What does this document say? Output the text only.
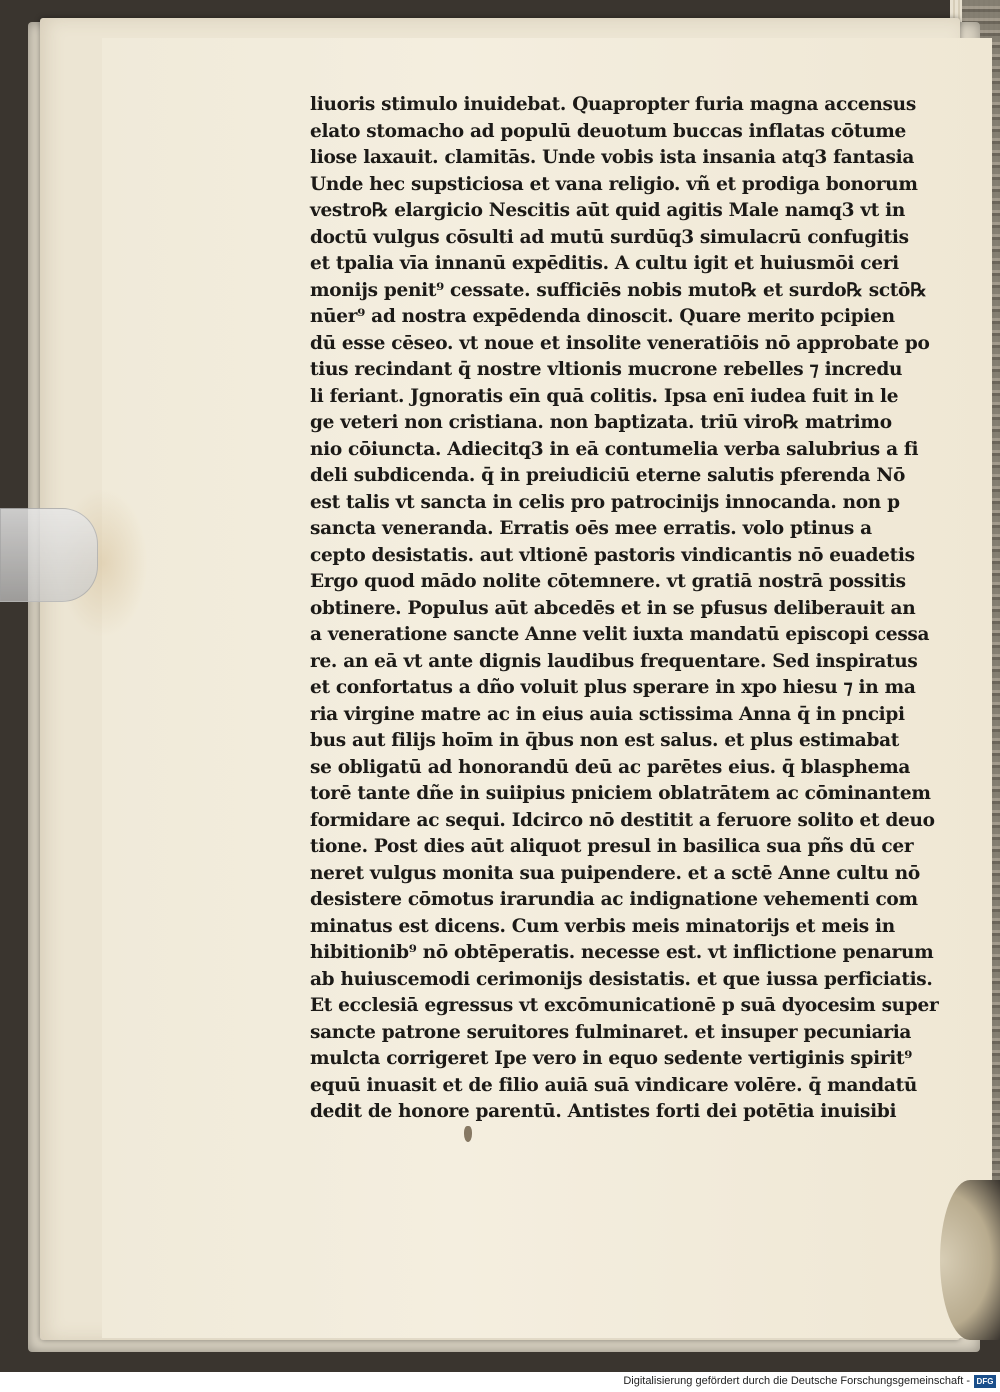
liuoris stimulo inuidebat. Quapropter furia magna accensus
elato stomacho ad populū deuotum buccas inflatas cōtume
liose laxauit. clamitās. Unde vobis ista insania atq3 fantasia
Unde hec supsticiosa et vana religio. vñ et prodiga bonorum
vestro℞ elargicio Nescitis aūt quid agitis Male namq3 vt in
doctū vulgus cōsulti ad mutū surdūq3 simulacrū confugitis
et tpalia vīa innanū expēditis. A cultu igit et huiusmōi ceri
monijs penit⁹ cessate. sufficiēs nobis muto℞ et surdo℞ sctō℞
nūer⁹ ad nostra expēdenda dinoscit. Quare merito pcipien
dū esse cēseo. vt noue et insolite veneratiōis nō approbate po
tius recindant q̄ nostre vltionis mucrone rebelles ⁊ incredu
li feriant. Jgnoratis eīn quā colitis. Ipsa enī iudea fuit in le
ge veteri non cristiana. non baptizata. triū viro℞ matrimo
nio cōiuncta. Adiecitq3 in eā contumelia verba salubrius a fi
deli subdicenda. q̄ in preiudiciū eterne salutis pferenda Nō
est talis vt sancta in celis pro patrocinijs innocanda. non p
sancta veneranda. Erratis oēs mee erratis. volo ptinus a
cepto desistatis. aut vltionē pastoris vindicantis nō euadetis
Ergo quod mādo nolite cōtemnere. vt gratiā nostrā possitis
obtinere. Populus aūt abcedēs et in se pfusus deliberauit an
a veneratione sancte Anne velit iuxta mandatū episcopi cessa
re. an eā vt ante dignis laudibus frequentare. Sed inspiratus
et confortatus a dño voluit plus sperare in xpo hiesu ⁊ in ma
ria virgine matre ac in eius auia sctissima Anna q̄ in pncipi
bus aut filijs hoīm in q̄bus non est salus. et plus estimabat
se obligatū ad honorandū deū ac parētes eius. q̄ blasphema
torē tante dñe in suiipius pniciem oblatrātem ac cōminantem
formidare ac sequi. Idcirco nō destitit a feruore solito et deuo
tione. Post dies aūt aliquot presul in basilica sua pñs dū cer
neret vulgus monita sua puipendere. et a sctē Anne cultu nō
desistere cōmotus irarundia ac indignatione vehementi com
minatus est dicens. Cum verbis meis minatorijs et meis in
hibitionib⁹ nō obtēperatis. necesse est. vt inflictione penarum
ab huiuscemodi cerimonijs desistatis. et que iussa perficiatis.
Et ecclesiā egressus vt excōmunicationē p suā dyocesim super
sancte patrone seruitores fulminaret. et insuper pecuniaria
mulcta corrigeret Ipe vero in equo sedente vertiginis spirit⁹
equū inuasit et de filio auiā suā vindicare volēre. q̄ mandatū
dedit de honore parentū. Antistes forti dei potētia inuisibi
Digitalisierung gefördert durch die Deutsche Forschungsgemeinschaft - DFG
